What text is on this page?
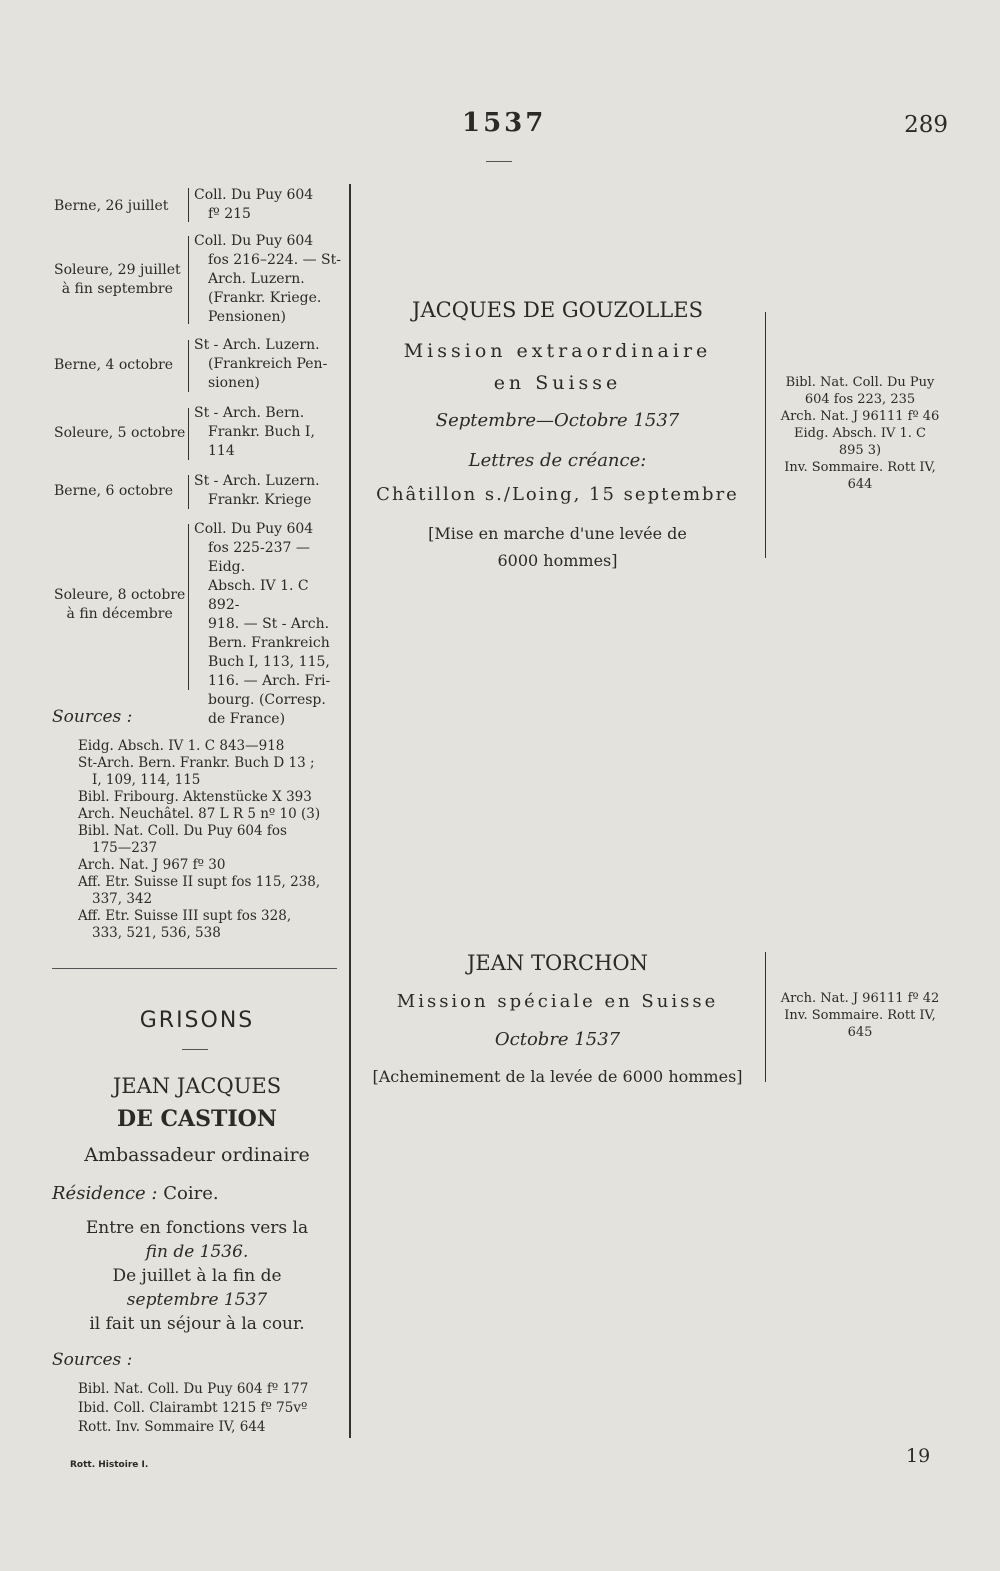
1537	289
Berne, 26 juillet
Coll. Du Puy 604
fº 215
Soleure, 29 juillet
à fin septembre
Coll. Du Puy 604
fos 216–224. — St-
Arch. Luzern.
(Frankr. Kriege.
Pensionen)
Berne, 4 octobre
St - Arch. Luzern.
(Frankreich Pen-
sionen)
Soleure, 5 octobre
St - Arch. Bern.
Frankr. Buch I,
114
Berne, 6 octobre
St - Arch. Luzern.
Frankr. Kriege
Soleure, 8 octobre
à fin décembre
Coll. Du Puy 604
fos 225-237 —Eidg.
Absch. IV 1. C 892-
918. — St - Arch.
Bern. Frankreich
Buch I, 113, 115,
116. — Arch. Fri-
bourg. (Corresp.
de France)
Sources :
Eidg. Absch. IV 1. C 843—918
St-Arch. Bern. Frankr. Buch D 13 ;
I, 109, 114, 115
Bibl. Fribourg. Aktenstücke X 393
Arch. Neuchâtel. 87 L R 5 nº 10 (3)
Bibl. Nat. Coll. Du Puy 604 fos
175—237
Arch. Nat. J 967 fº 30
Aff. Etr. Suisse II supt fos 115, 238,
337, 342
Aff. Etr. Suisse III supt fos 328,
333, 521, 536, 538
GRISONS
JEAN JACQUES
DE CASTION
Ambassadeur ordinaire
Résidence : Coire.
Entre en fonctions vers la
fin de 1536.
De juillet à la fin de
septembre 1537
il fait un séjour à la cour.
Sources :
Bibl. Nat. Coll. Du Puy 604 fº 177
Ibid. Coll. Clairambt 1215 fº 75vº
Rott. Inv. Sommaire IV, 644
Rott. Histoire I.	19
JACQUES DE GOUZOLLES
Mission extraordinaire
en Suisse
Septembre—Octobre 1537
Lettres de créance:
Châtillon s./Loing, 15 septembre
[Mise en marche d'une levée de
6000 hommes]
Bibl. Nat. Coll. Du Puy
604 fos 223, 235
Arch. Nat. J 96111 fº 46
Eidg. Absch. IV 1. C
895 3)
Inv. Sommaire. Rott IV,
644
JEAN TORCHON
Mission spéciale en Suisse
Octobre 1537
[Acheminement de la levée de 6000 hommes]
Arch. Nat. J 96111 fº 42
Inv. Sommaire. Rott IV,
645
